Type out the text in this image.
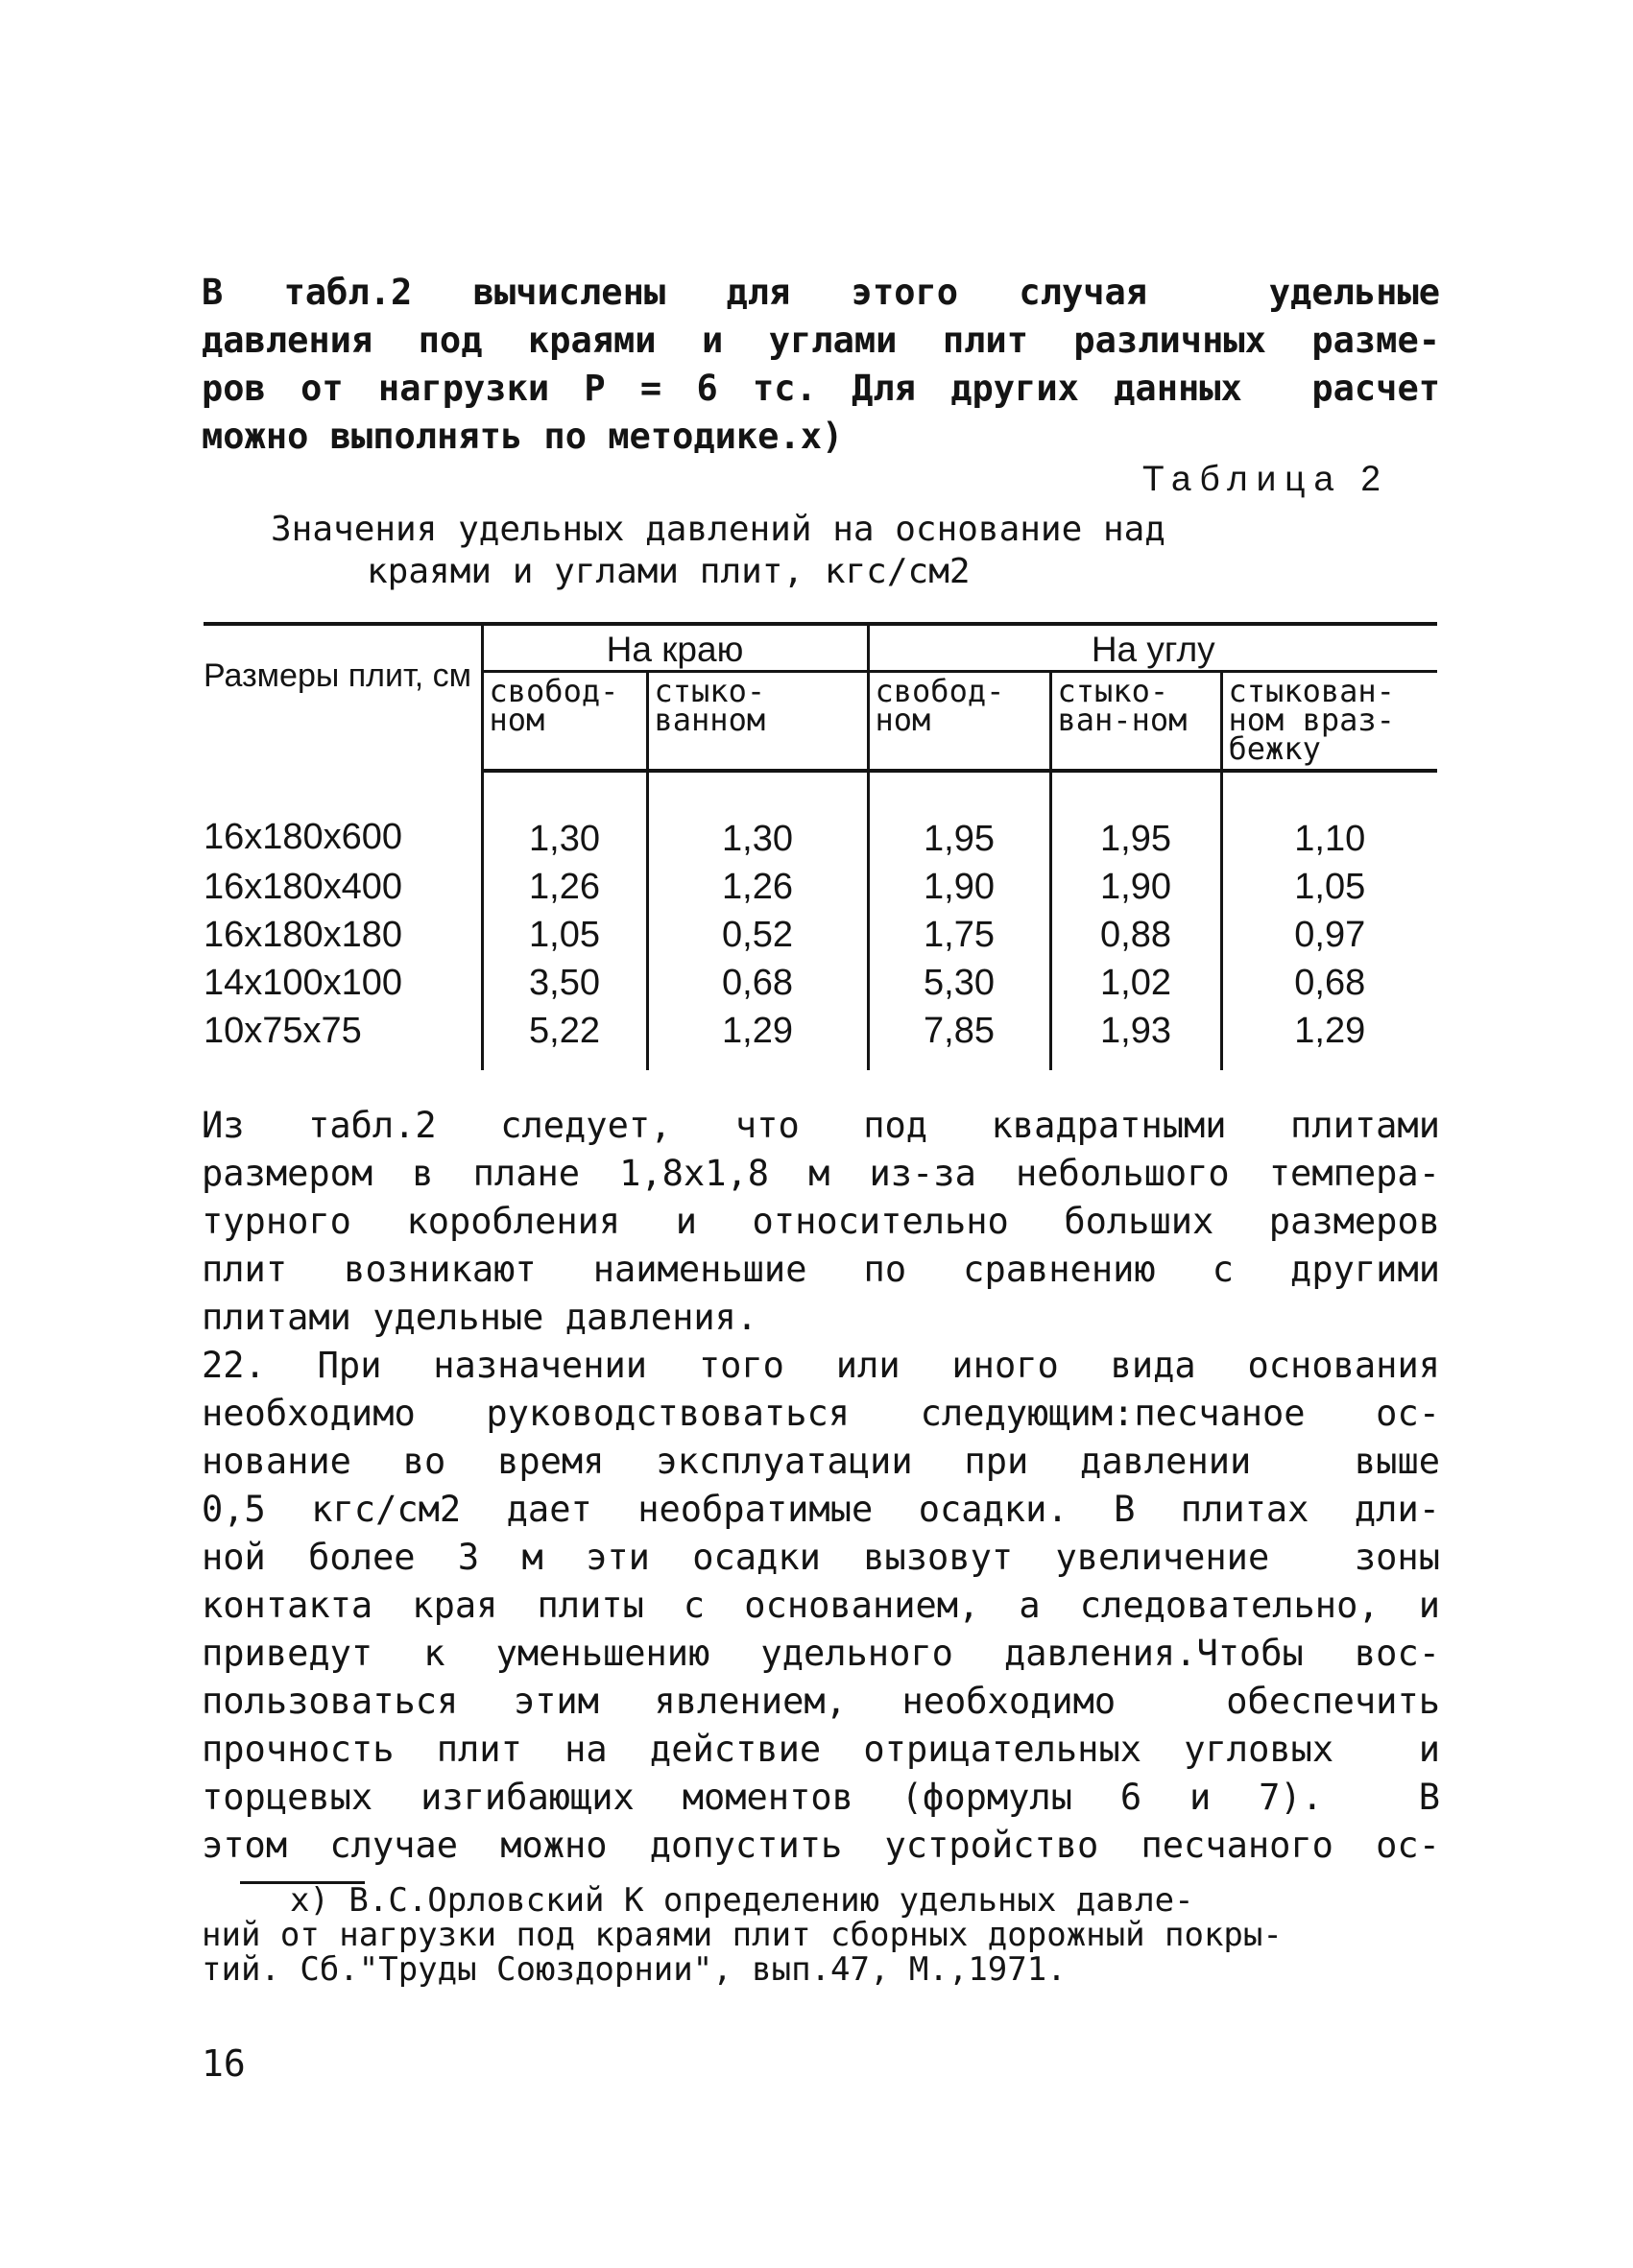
В табл.2 вычислены для этого случая  удельные
давления под краями и углами плит различных разме-
ров от нагрузки P = 6 тс. Для других данных  расчет
можно выполнять по методике.х)

Таблица 2

Значения удельных давлений на основание над
краями и углами плит, кгс/см2

Размеры плит, см	На краю		На углу		
	свобод-ном	стыко-ванном	свобод-ном	стыко-ван-ном	стыкован-ном враз-бежку
16х180х600	1,30	1,30	1,95	1,95	1,10
16х180х400	1,26	1,26	1,90	1,90	1,05
16х180х180	1,05	0,52	1,75	0,88	0,97
14х100х100	3,50	0,68	5,30	1,02	0,68
10х75х75	5,22	1,29	7,85	1,93	1,29

Из табл.2 следует, что под квадратными плитами
размером в плане 1,8х1,8 м из-за небольшого темпера-
турного коробления и относительно больших размеров
плит возникают наименьшие по сравнению с другими
плитами удельные давления.

22. При назначении того или иного вида основания
необходимо руководствоваться следующим:песчаное ос-
нование во время эксплуатации при давлении  выше
0,5 кгс/см2 дает необратимые осадки. В плитах дли-
ной более 3 м эти осадки вызовут увеличение  зоны
контакта края плиты с основанием, а следовательно, и
приведут к уменьшению удельного давления.Чтобы вос-
пользоваться этим явлением, необходимо  обеспечить
прочность плит на действие отрицательных угловых  и
торцевых изгибающих моментов (формулы 6 и 7).  В
этом случае можно допустить устройство песчаного ос-

х) В.С.Орловский К определению удельных давле-
ний от нагрузки под краями плит сборных дорожный покры-
тий. Сб."Труды Союздорнии", вып.47, М.,1971.

16
